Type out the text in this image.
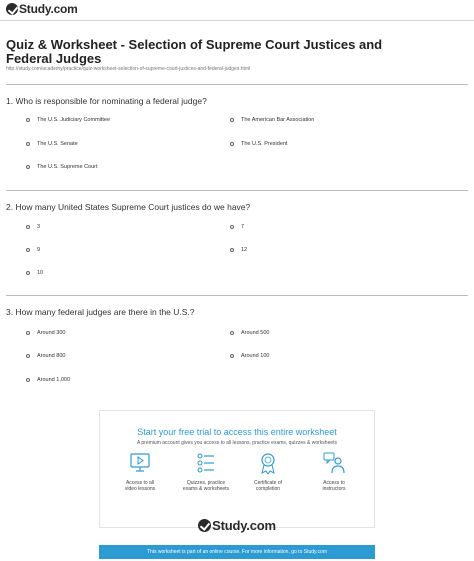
Study.com
Quiz & Worksheet - Selection of Supreme Court Justices and Federal Judges
http://study.com/academy/practice/quiz-worksheet-selection-of-supreme-court-justices-and-federal-judges.html
1. Who is responsible for nominating a federal judge?
The U.S. Judiciary Committee	The American Bar Association
The U.S. Senate	The U.S. President
The U.S. Supreme Court
2. How many United States Supreme Court justices do we have?
3	7
9	12
10
3. How many federal judges are there in the U.S.?
Around 300	Around 500
Around 800	Around 100
Around 1,000
Start your free trial to access this entire worksheet
A premium account gives you access to all lessons, practice exams, quizzes & worksheets
Access to all
video lessons
Quizzes, practice
exams & worksheets
Certificate of
completion
Access to
instructors
Study.com
This worksheet is part of an online course. For more information, go to Study.com
